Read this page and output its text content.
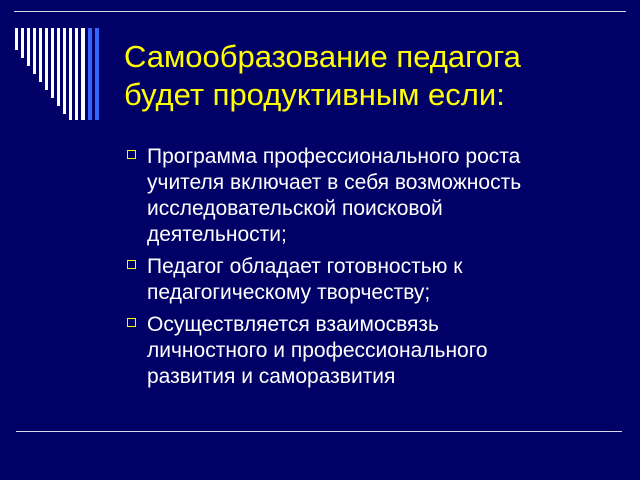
Самообразование педагога
будет продуктивным если:
Программа профессионального роста
учителя включает в себя возможность
исследовательской поисковой
деятельности;
Педагог обладает готовностью к
педагогическому творчеству;
Осуществляется взаимосвязь
личностного и профессионального
развития и саморазвития
